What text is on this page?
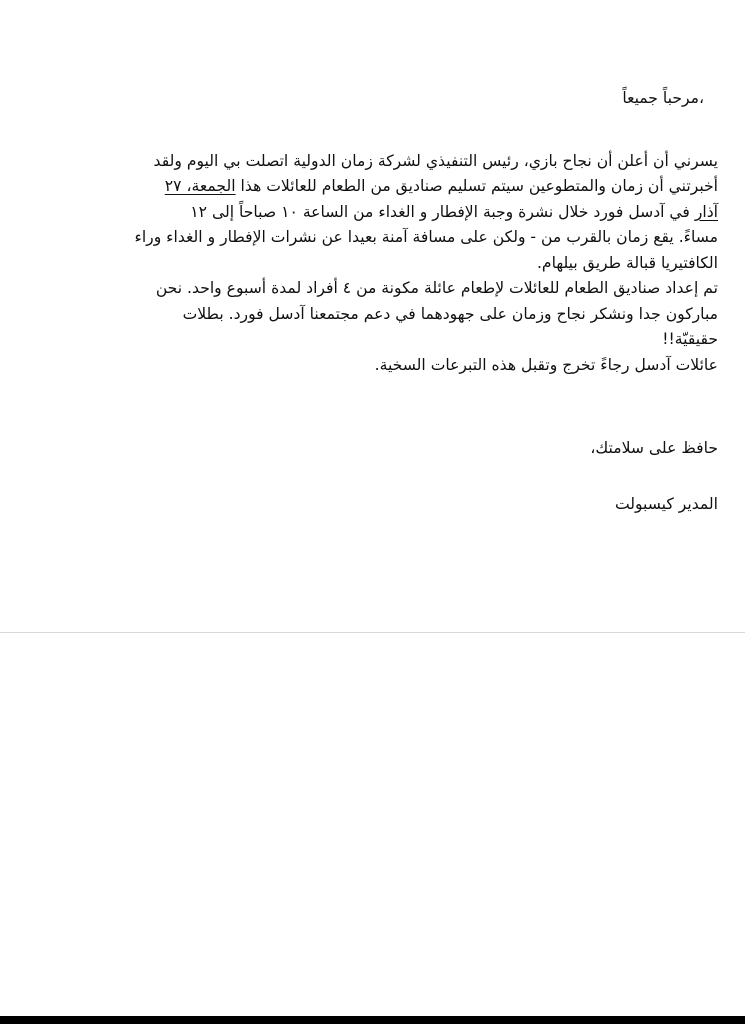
،مرحباً جميعاً

يسرني أن أعلن أن نجاح بازي، رئيس التنفيذي لشركة زمان الدولية اتصلت بي اليوم ولقد

أخبرتني أن زمان والمتطوعين سيتم تسليم صناديق من الطعام للعائلات هذا الجمعة، ٢٧

آذار في آدسل فورد خلال نشرة وجبة الإفطار و الغداء من الساعة ١٠ صباحاً إلى ١٢

مساءً. يقع زمان بالقرب من - ولكن على مسافة آمنة بعيدا عن نشرات الإفطار و الغداء وراء

الكافتيريا قبالة طريق بيلهام.

تم إعداد صناديق الطعام للعائلات لإطعام عائلة مكونة من ٤ أفراد لمدة أسبوع واحد. نحن

مباركون جدا ونشكر نجاح وزمان على جهودهما في دعم مجتمعنا آدسل فورد. بطلات

حقيقيّة!!

عائلات آدسل رجاءً تخرج وتقبل هذه التبرعات السخية.

حافظ على سلامتك،

المدير كيسبولت
